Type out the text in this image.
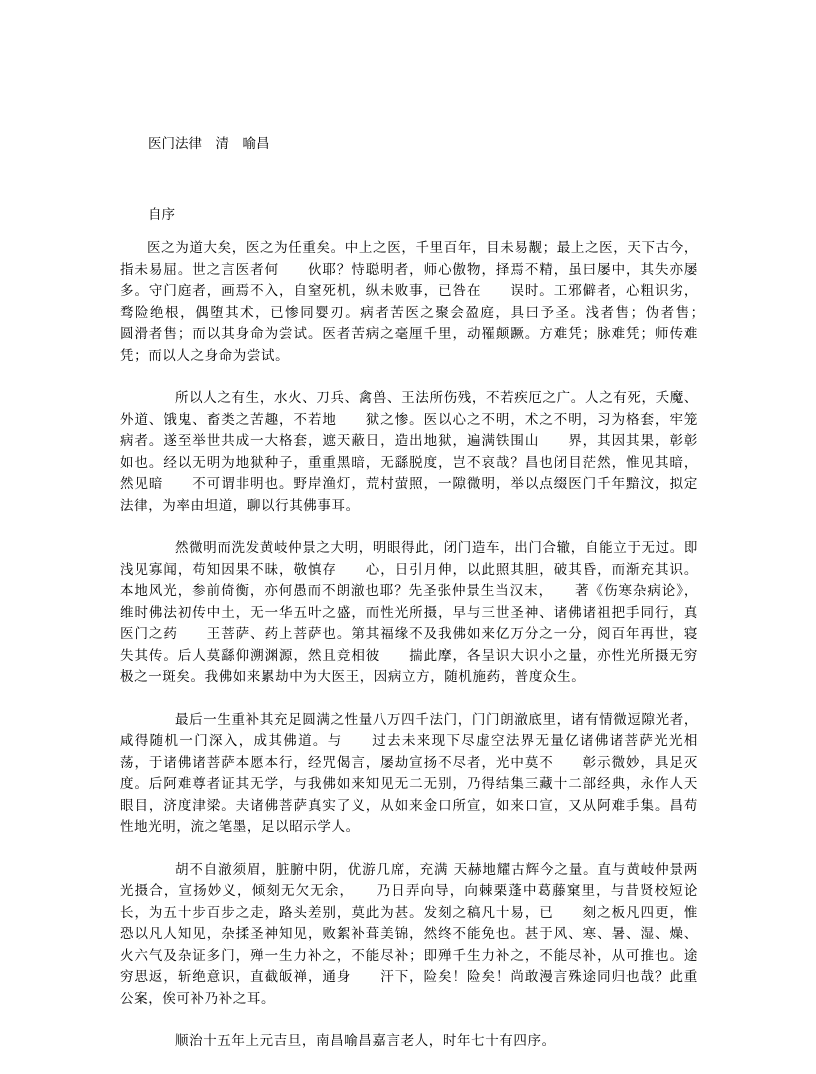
医门法律　清　喻昌
自序

医之为道大矣，医之为任重矣。中上之医，千里百年，目未易觏；最上之医，天下古今，指未易屈。世之言医者何　　伙耶？恃聪明者，师心傲物，择焉不精，虽曰屡中，其失亦屡多。守门庭者，画焉不入，自窒死机，纵未败事，已咎在　　误时。工邪僻者，心粗识劣，骛险绝根，偶堕其术，已惨同婴刃。病者苦医之聚会盈庭，具曰予圣。浅者售；伪者售；　　圆滑者售；而以其身命为尝试。医者苦病之毫厘千里，动罹颠蹶。方难凭；脉难凭；师传难凭；而以人之身命为尝试。

所以人之有生，水火、刀兵、禽兽、王法所伤残，不若疾厄之广。人之有死，夭魔、外道、饿鬼、畜类之苦趣，不若地　　狱之惨。医以心之不明，术之不明，习为格套，牢笼病者。遂至举世共成一大格套，遮天蔽日，造出地狱，遍满铁围山　　界，其因其果，彰彰如也。经以无明为地狱种子，重重黑暗，无繇脱度，岂不哀哉？昌也闭目茫然，惟见其暗，然见暗　　不可谓非明也。野岸渔灯，荒村萤照，一隙微明，举以点缀医门千年黯汶，拟定法律，为率由坦道，聊以行其佛事耳。

然微明而洗发黄岐仲景之大明，明眼得此，闭门造车，出门合辙，自能立于无过。即浅见寡闻，苟知因果不昧，敬慎存　　心，日引月伸，以此照其胆，破其昏，而渐充其识。本地风光，参前倚衡，亦何愚而不朗澈也耶？先圣张仲景生当汉末，　　著《伤寒杂病论》，维时佛法初传中土，无一华五叶之盛，而性光所摄，早与三世圣神、诸佛诸祖把手同行，真医门之药　　王菩萨、药上菩萨也。第其福缘不及我佛如来亿万分之一分，阅百年再世，寝失其传。后人莫繇仰溯渊源，然且竞相彼　　揣此摩，各呈识大识小之量，亦性光所摄无穷极之一斑矣。我佛如来累劫中为大医王，因病立方，随机施药，普度众生。

最后一生重补其充足圆满之性量八万四千法门，门门朗澈底里，诸有情微逗隙光者，咸得随机一门深入，成其佛道。与　　过去未来现下尽虚空法界无量亿诸佛诸菩萨光光相荡，于诸佛诸菩萨本愿本行，经咒偈言，屡劫宣扬不尽者，光中莫不　　彰示微妙，具足灭度。后阿难尊者证其无学，与我佛如来知见无二无别，乃得结集三藏十二部经典，永作人天眼目，济度津梁。夫诸佛菩萨真实了义，从如来金口所宣，如来口宣，又从阿难手集。昌苟性地光明，流之笔墨，足以昭示学人。

胡不自澈须眉，脏腑中阴，优游几席，充满 天赫地耀古辉今之量。直与黄岐仲景两光摄合，宣扬妙义，倾刻无欠无余，　　乃日弄向导，向棘栗蓬中葛藤窠里，与昔贤校短论长，为五十步百步之走，路头差别，莫此为甚。发刻之稿凡十易，已　　刻之板凡四更，惟恐以凡人知见，杂揉圣神知见，败絮补葺美锦，然终不能免也。甚于风、寒、暑、湿、燥、火六气及杂证多门，殚一生力补之，不能尽补；即殚千生力补之，不能尽补，从可推也。途穷思返，斩绝意识，直截皈禅，通身　　汗下，险矣！险矣！尚敢漫言殊途同归也哉？此重公案，俟可补乃补之耳。

顺治十五年上元吉旦，南昌喻昌嘉言老人，时年七十有四序。
